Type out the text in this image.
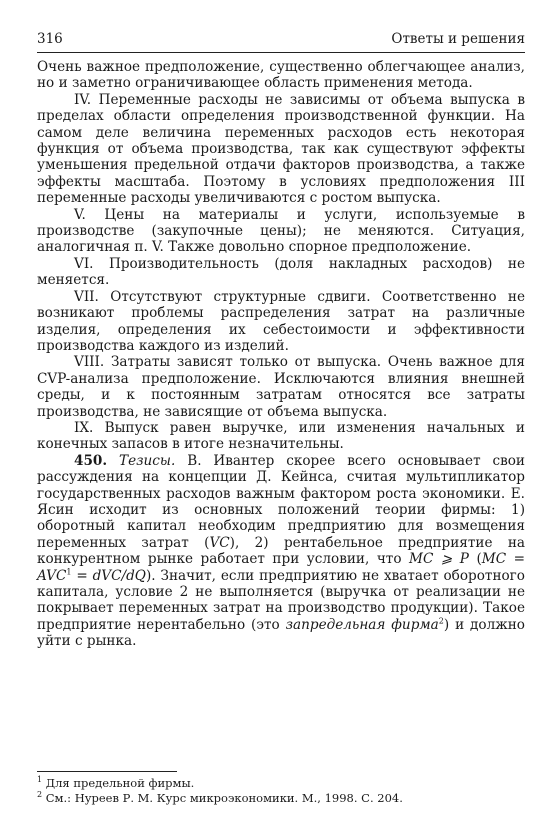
316	Ответы и решения

Очень важное предположение, существенно облегчающее анализ, но и заметно ограничивающее область применения метода.

IV. Переменные расходы не зависимы от объема выпуска в пределах области определения производственной функции. На самом деле величина переменных расходов есть некоторая функция от объема производства, так как существуют эффекты уменьшения предельной отдачи факторов производства, а также эффекты масштаба. Поэтому в условиях предположения III переменные расходы увеличиваются с ростом выпуска.

V. Цены на материалы и услуги, используемые в производстве (закупочные цены); не меняются. Ситуация, аналогичная п. V. Также довольно спорное предположение.

VI. Производительность (доля накладных расходов) не меняется.

VII. Отсутствуют структурные сдвиги. Соответственно не возникают проблемы распределения затрат на различные изделия, определения их себестоимости и эффективности производства каждого из изделий.

VIII. Затраты зависят только от выпуска. Очень важное для CVP-анализа предположение. Исключаются влияния внешней среды, и к постоянным затратам относятся все затраты производства, не зависящие от объема выпуска.

IX. Выпуск равен выручке, или изменения начальных и конечных запасов в итоге незначительны.

450. Тезисы. В. Ивантер скорее всего основывает свои рассуждения на концепции Д. Кейнса, считая мультипликатор государственных расходов важным фактором роста экономики. Е. Ясин исходит из основных положений теории фирмы: 1) оборотный капитал необходим предприятию для возмещения переменных затрат (VC), 2) рентабельное предприятие на конкурентном рынке работает при условии, что MC ⩾ P $(MC = AVC^1 = dVC/dQ)$. Значит, если предприятию не хватает оборотного капитала, условие 2 не выполняется (выручка от реализации не покрывает переменных затрат на производство продукции). Такое предприятие нерентабельно (это запредельная фирма$^2$) и должно уйти с рынка.

$^1$ Для предельной фирмы.
$^2$ См.: Нуреев Р. М. Курс микроэкономики. М., 1998. С. 204.
